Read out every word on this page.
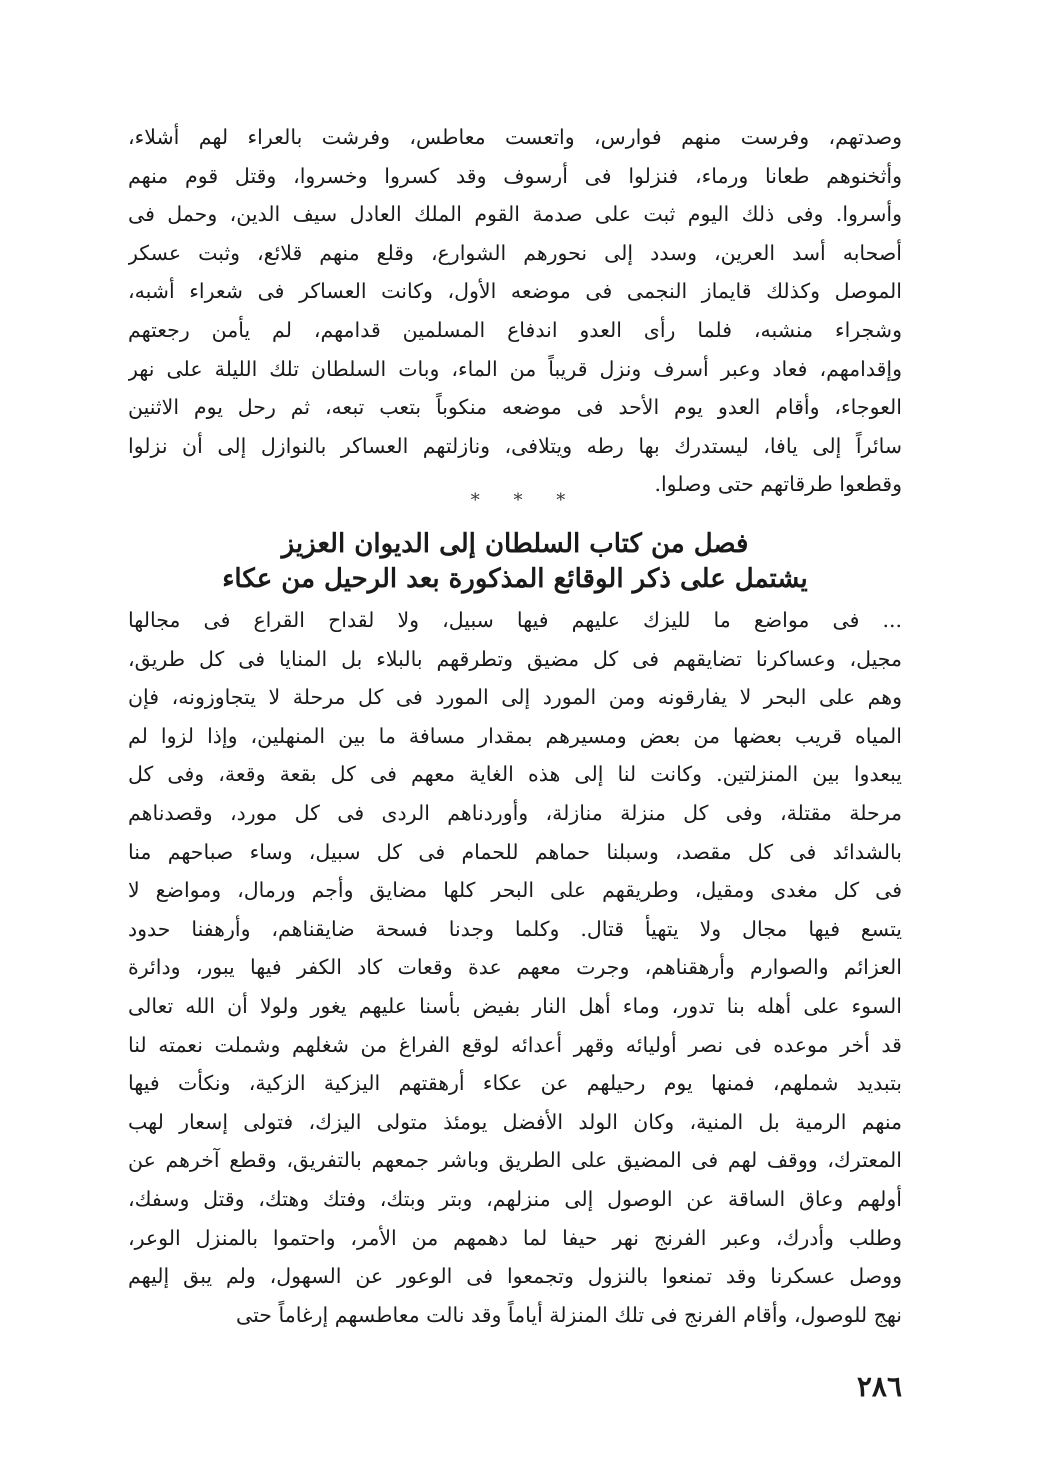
وصدتهم، وفرست منهم فوارس، واتعست معاطس، وفرشت بالعراء لهم أشلاء،
وأثخنوهم طعانا ورماء، فنزلوا فى أرسوف وقد كسروا وخسروا، وقتل قوم منهم
وأسروا. وفى ذلك اليوم ثبت على صدمة القوم الملك العادل سيف الدين، وحمل فى
أصحابه أسد العرين، وسدد إلى نحورهم الشوارع، وقلع منهم قلائع، وثبت عسكر
الموصل وكذلك قايماز النجمى فى موضعه الأول، وكانت العساكر فى شعراء أشبه،
وشجراء منشبه، فلما رأى العدو اندفاع المسلمين قدامهم، لم يأمن رجعتهم
وإقدامهم، فعاد وعبر أسرف ونزل قريباً من الماء، وبات السلطان تلك الليلة على نهر
العوجاء، وأقام العدو يوم الأحد فى موضعه منكوباً بتعب تبعه، ثم رحل يوم الاثنين
سائراً إلى يافا، ليستدرك بها رطه ويتلافى، ونازلتهم العساكر بالنوازل إلى أن نزلوا
وقطعوا طرقاتهم حتى وصلوا.
* * *
فصل من كتاب السلطان إلى الديوان العزيز
يشتمل على ذكر الوقائع المذكورة بعد الرحيل من عكاء
... فى مواضع ما لليزك عليهم فيها سبيل، ولا لقداح القراع فى مجالها
مجيل، وعساكرنا تضايقهم فى كل مضيق وتطرقهم بالبلاء بل المنايا فى كل طريق،
وهم على البحر لا يفارقونه ومن المورد إلى المورد فى كل مرحلة لا يتجاوزونه، فإن
المياه قريب بعضها من بعض ومسيرهم بمقدار مسافة ما بين المنهلين، وإذا لزوا لم
يبعدوا بين المنزلتين. وكانت لنا إلى هذه الغاية معهم فى كل بقعة وقعة، وفى كل
مرحلة مقتلة، وفى كل منزلة منازلة، وأوردناهم الردى فى كل مورد، وقصدناهم
بالشدائد فى كل مقصد، وسبلنا حماهم للحمام فى كل سبيل، وساء صباحهم منا
فى كل مغدى ومقيل، وطريقهم على البحر كلها مضايق وأجم ورمال، ومواضع لا
يتسع فيها مجال ولا يتهيأ قتال. وكلما وجدنا فسحة ضايقناهم، وأرهفنا حدود
العزائم والصوارم وأرهقناهم، وجرت معهم عدة وقعات كاد الكفر فيها يبور، ودائرة
السوء على أهله بنا تدور، وماء أهل النار بفيض بأسنا عليهم يغور ولولا أن الله تعالى
قد أخر موعده فى نصر أوليائه وقهر أعدائه لوقع الفراغ من شغلهم وشملت نعمته لنا
بتبديد شملهم، فمنها يوم رحيلهم عن عكاء أرهقتهم اليزكية الزكية، ونكأت فيها
منهم الرمية بل المنية، وكان الولد الأفضل يومئذ متولى اليزك، فتولى إسعار لهب
المعترك، ووقف لهم فى المضيق على الطريق وباشر جمعهم بالتفريق، وقطع آخرهم عن
أولهم وعاق الساقة عن الوصول إلى منزلهم، وبتر وبتك، وفتك وهتك، وقتل وسفك،
وطلب وأدرك، وعبر الفرنج نهر حيفا لما دهمهم من الأمر، واحتموا بالمنزل الوعر،
ووصل عسكرنا وقد تمنعوا بالنزول وتجمعوا فى الوعور عن السهول، ولم يبق إليهم
نهج للوصول، وأقام الفرنج فى تلك المنزلة أياماً وقد نالت معاطسهم إرغاماً حتى
٢٨٦
